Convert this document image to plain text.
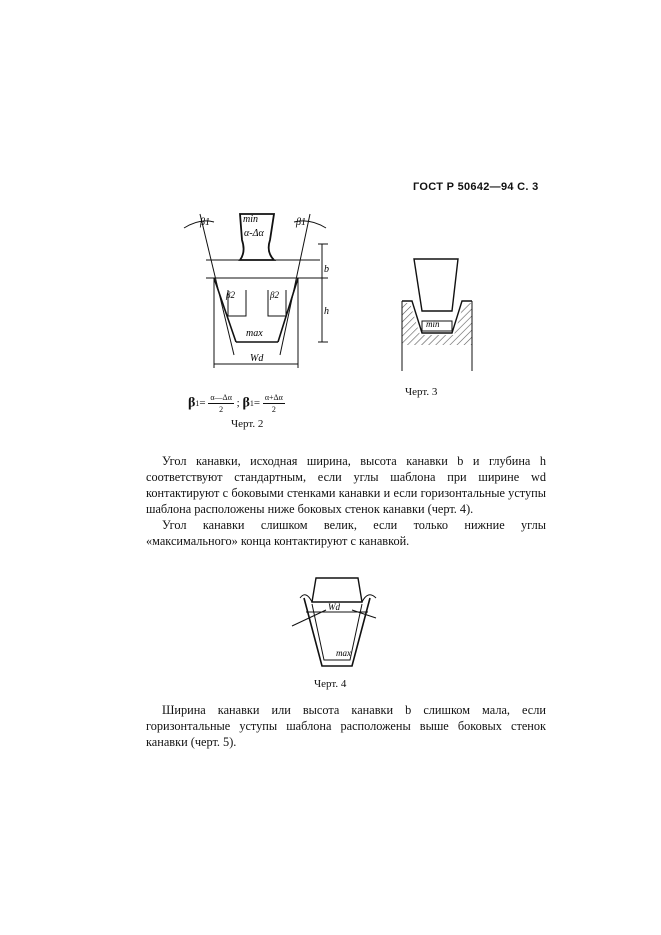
ГОСТ Р 50642—94 С. 3
min
α-Δα
max
β1	β1
β2	β2
b
h
Wd
$\beta 1= \frac{\alpha—\Delta\alpha}{2}$ ; $\beta 1= \frac{\alpha+\Delta\alpha}{2}$
Черт. 2
min
Черт. 3
Угол канавки, исходная ширина, высота канавки b и глубина h соответствуют стандартным, если углы шаблона при ширине wd контактируют с боковыми стенками канавки и если горизонтальные уступы шаблона расположены ниже боковых стенок канавки (черт. 4).
Угол канавки слишком велик, если только нижние углы «максимального» конца контактируют с канавкой.
Wd
max
Черт. 4
Ширина канавки или высота канавки b слишком мала, если горизонтальные уступы шаблона расположены выше боковых стенок канавки (черт. 5).
